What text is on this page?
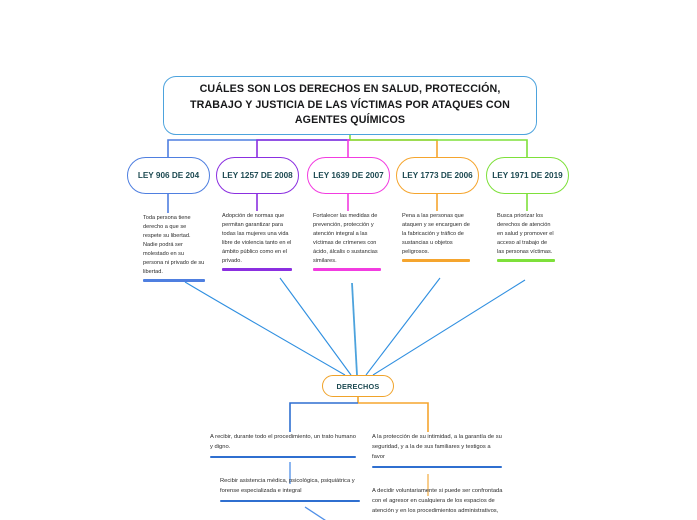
CUÁLES SON LOS DERECHOS EN SALUD, PROTECCIÓN, TRABAJO Y JUSTICIA DE LAS VÍCTIMAS POR ATAQUES CON AGENTES QUÍMICOS
LEY 906 DE 204	LEY 1257 DE 2008	LEY 1639 DE 2007 LEY 1773 DE 2006 LEY 1971 DE 2019
Toda persona tiene derecho a que se respete su libertad. Nadie podrá ser molestado en su persona ni privado de su libertad.
Adopción de normas que permitan garantizar para todas las mujeres una vida libre de violencia tanto en el ámbito público como en el privado.
Fortalecer las medidas de prevención, protección y atención integral a las víctimas de crímenes con ácido, álcalis o sustancias similares.
Pena a las personas que ataquen y se encarguen de la fabricación y tráfico de sustancias u objetos peligrosos.
Busca priorizar los derechos de atención en salud y promover el acceso al trabajo de las personas víctimas.
DERECHOS
A recibir, durante todo el procedimiento, un trato humano y digno.
A la protección de su intimidad, a la garantía de su seguridad, y a la de sus familiares y testigos a favor
Recibir asistencia médica, psicológica, psiquiátrica y forense especializada e integral	A decidir voluntariamente si puede ser confrontada con el agresor en cualquiera de los espacios de atención y en los procedimientos administrativos,
